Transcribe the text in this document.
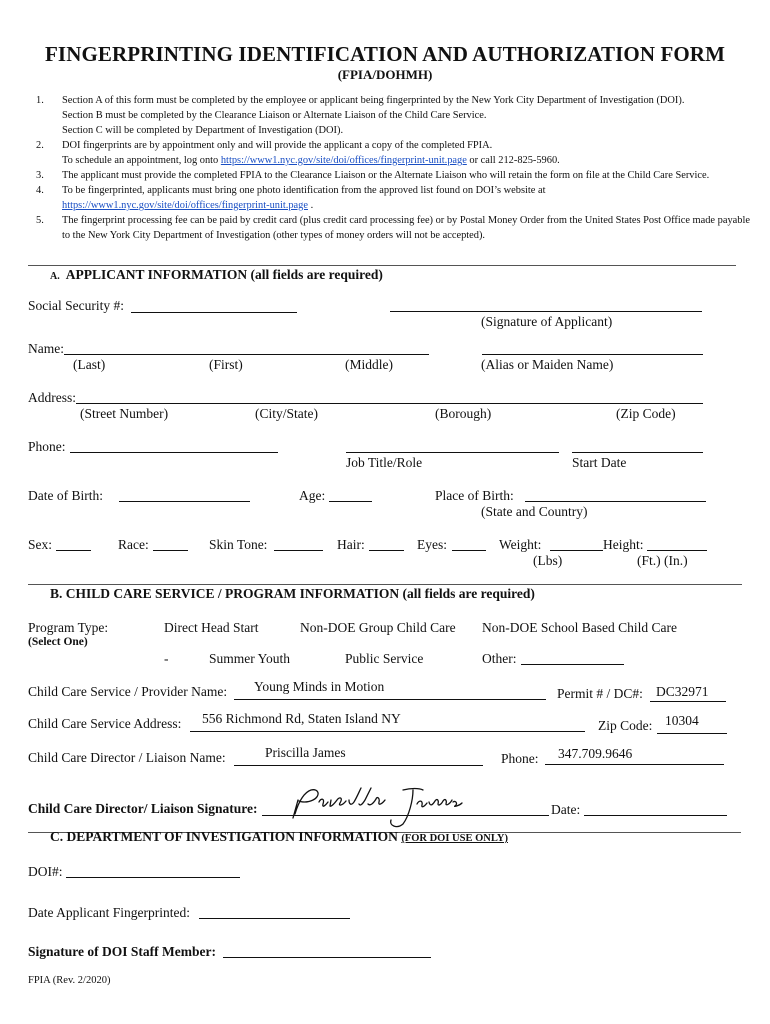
FINGERPRINTING IDENTIFICATION AND AUTHORIZATION FORM
(FPIA/DOHMH)
1.	Section A of this form must be completed by the employee or applicant being fingerprinted by the New York City Department of Investigation (DOI).
Section B must be completed by the Clearance Liaison or Alternate Liaison of the Child Care Service.
Section C will be completed by Department of Investigation (DOI).
2.	DOI fingerprints are by appointment only and will provide the applicant a copy of the completed FPIA.
To schedule an appointment, log onto https://www1.nyc.gov/site/doi/offices/fingerprint-unit.page or call 212-825-5960.
3.	The applicant must provide the completed FPIA to the Clearance Liaison or the Alternate Liaison who will retain the form on file at the Child Care Service.
4.	To be fingerprinted, applicants must bring one photo identification from the approved list found on DOI’s website at
https://www1.nyc.gov/site/doi/offices/fingerprint-unit.page .
5.	The fingerprint processing fee can be paid by credit card (plus credit card processing fee) or by Postal Money Order from the United States Post Office made payable to the New York City Department of Investigation (other types of money orders will not be accepted).
A. APPLICANT INFORMATION (all fields are required)
Social Security #:
(Signature of Applicant)
Name:
(Last)	(First)	(Middle)	(Alias or Maiden Name)
Address:
(Street Number)	(City/State)	(Borough)	(Zip Code)
Phone:
Job Title/Role	Start Date
Date of Birth:	Age:	Place of Birth:
(State and Country)
Sex:	Race:	Skin Tone:	Hair:	Eyes:	Weight:	Height:
(Lbs)	(Ft.) (In.)
B. CHILD CARE SERVICE / PROGRAM INFORMATION (all fields are required)
Program Type:
(Select One)
Direct Head Start	Non-DOE Group Child Care Non-DOE School Based Child Care
-	Summer Youth	Public Service	Other:
Child Care Service / Provider Name: Young Minds in Motion	Permit # / DC#: DC32971
Child Care Service Address: 556 Richmond Rd, Staten Island NY	Zip Code: 10304
Child Care Director / Liaison Name:	Priscilla James	Phone: 347.709.9646
Child Care Director/ Liaison Signature:	Date:
C. DEPARTMENT OF INVESTIGATION INFORMATION (FOR DOI USE ONLY)
DOI#:
Date Applicant Fingerprinted:
Signature of DOI Staff Member:
FPIA (Rev. 2/2020)
